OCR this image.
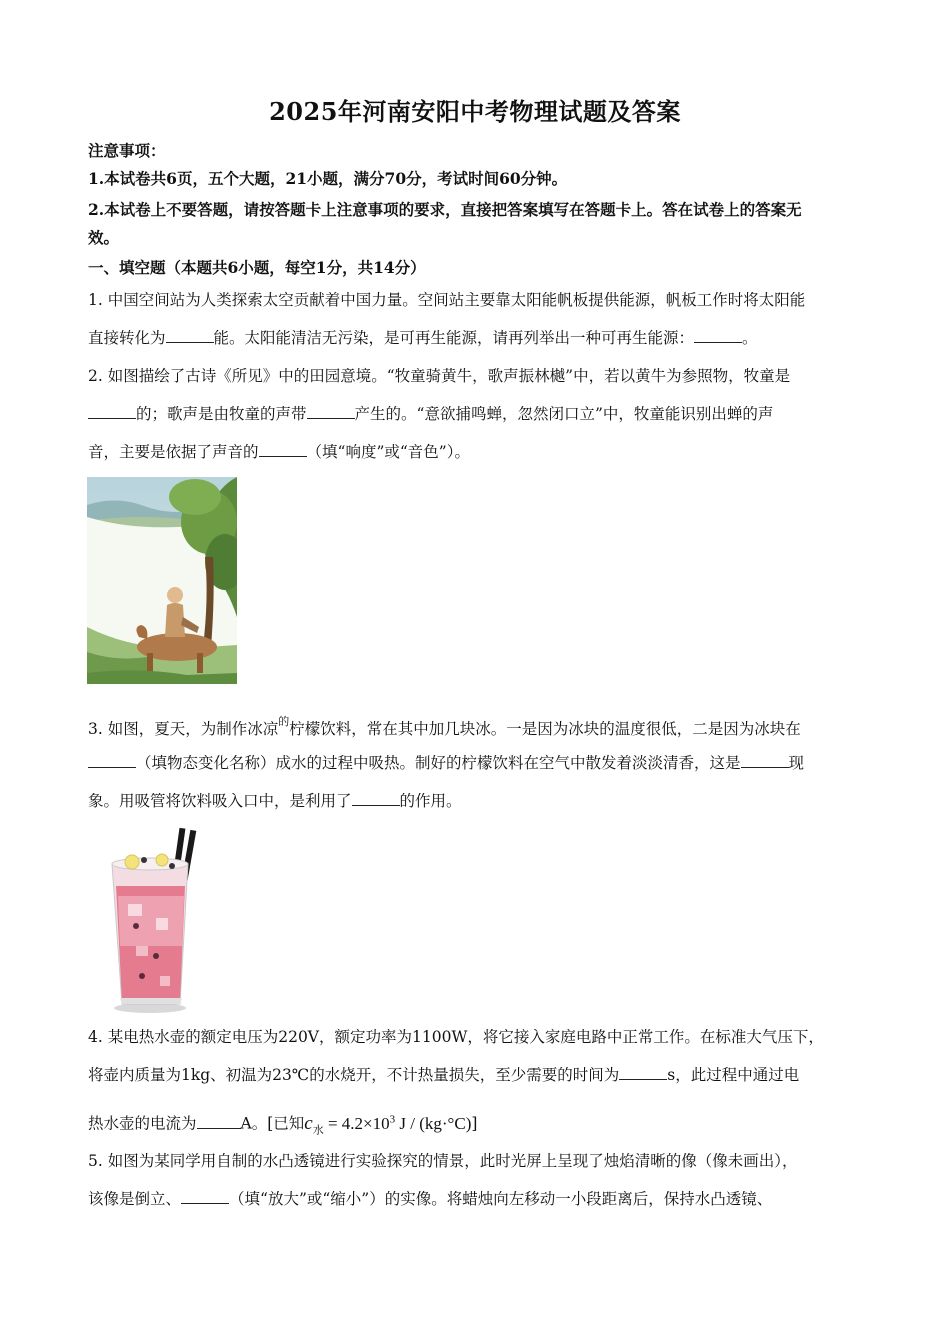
2025年河南安阳中考物理试题及答案
注意事项：
1.本试卷共6页，五个大题，21小题，满分70分，考试时间60分钟。
2.本试卷上不要答题，请按答题卡上注意事项的要求，直接把答案填写在答题卡上。答在试卷上的答案无
效。
一、填空题（本题共6小题，每空1分，共14分）
1. 中国空间站为人类探索太空贡献着中国力量。空间站主要靠太阳能帆板提供能源，帆板工作时将太阳能
直接转化为	能。太阳能清洁无污染，是可再生能源，请再列举出一种可再生能源：	。
2. 如图描绘了古诗《所见》中的田园意境。“牧童骑黄牛，歌声振林樾”中，若以黄牛为参照物，牧童是
的；歌声是由牧童的声带	产生的。“意欲捕鸣蝉，忽然闭口立”中，牧童能识别出蝉的声
音，主要是依据了声音的	（填“响度”或“音色”）。
3. 如图，夏天，为制作冰凉$^的$柠檬饮料，常在其中加几块冰。一是因为冰块的温度很低，二是因为冰块在
（填物态变化名称）成水的过程中吸热。制好的柠檬饮料在空气中散发着淡淡清香，这是	现
象。用吸管将饮料吸入口中，是利用了	的作用。
4. 某电热水壶的额定电压为220V，额定功率为1100W，将它接入家庭电路中正常工作。在标准大气压下，
将壶内质量为1kg、初温为23℃的水烧开，不计热量损失，至少需要的时间为	s，此过程中通过电
热水壶的电流为	A。[已知$c_水 = 4.2\times 10^3$ J / (kg·°C)]
5. 如图为某同学用自制的水凸透镜进行实验探究的情景，此时光屏上呈现了烛焰清晰的像（像未画出），
该像是倒立、	（填“放大”或“缩小”）的实像。将蜡烛向左移动一小段距离后，保持水凸透镜、
